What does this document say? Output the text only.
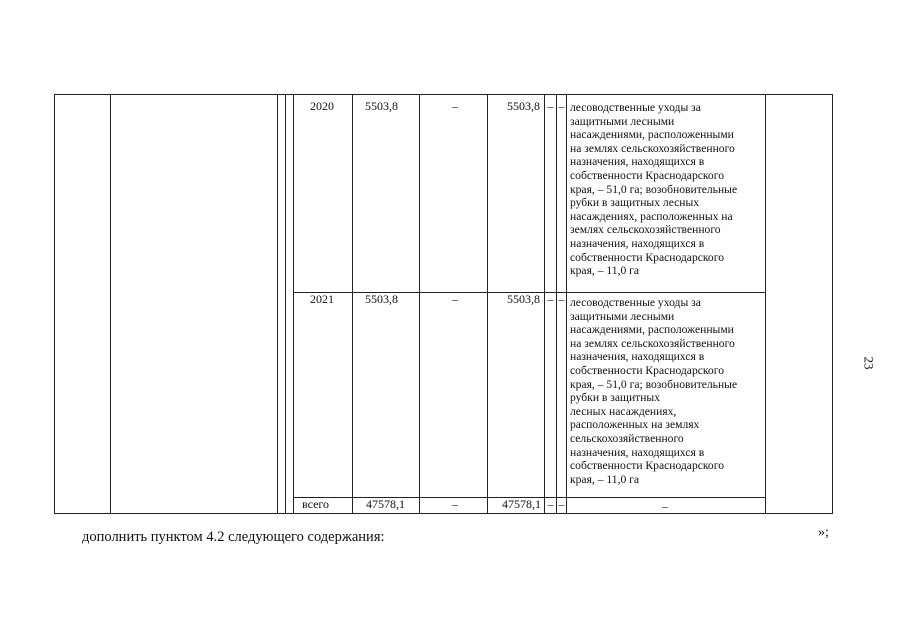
2020	5503,8	–	5503,8 – – лесоводственные уходы за
защитными лесными
насаждениями, расположенными
на землях сельскохозяйственного
назначения, находящихся в
собственности Краснодарского
края, – 51,0 га; возобновительные
рубки в защитных лесных
насаждениях, расположенных на
землях сельскохозяйственного
назначения, находящихся в
собственности Краснодарского
края, – 11,0 га
2021	5503,8	–	5503,8 – – лесоводственные уходы за
защитными лесными
насаждениями, расположенными
на землях сельскохозяйственного
назначения, находящихся в
собственности Краснодарского
края, – 51,0 га; возобновительные
рубки в защитных
лесных насаждениях,
расположенных на землях
сельскохозяйственного
назначения, находящихся в
собственности Краснодарского
края, – 11,0 га
всего	47578,1	–	47578,1 – –	–
23
»;
дополнить пунктом 4.2 следующего содержания:
